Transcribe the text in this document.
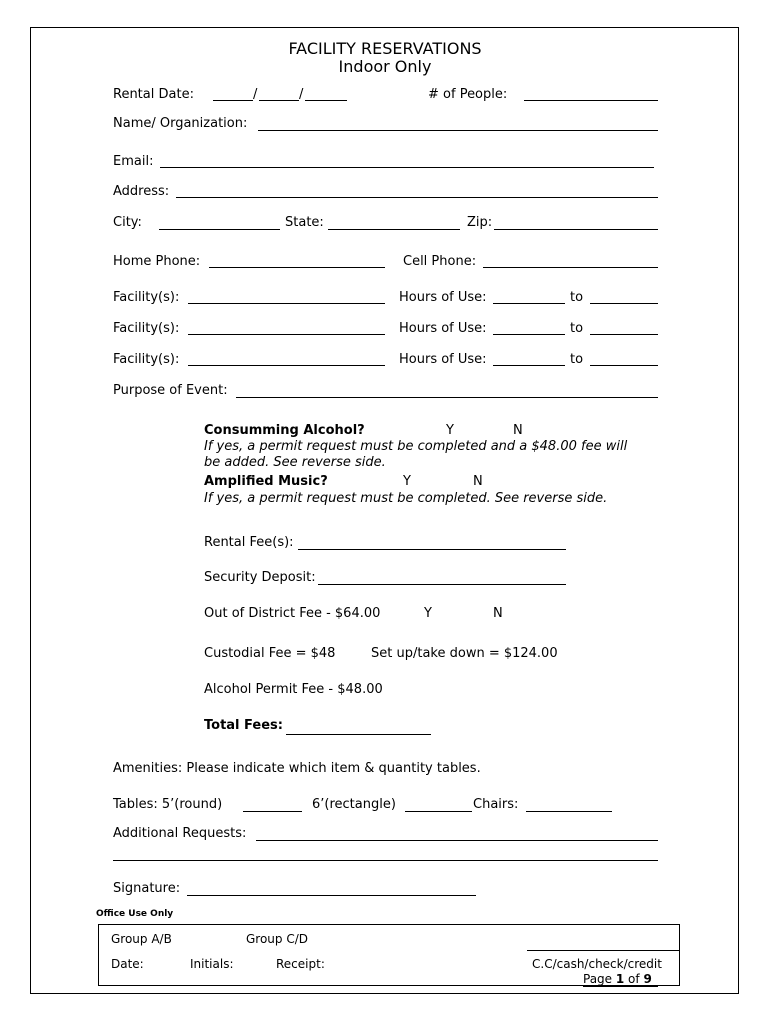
FACILITY RESERVATIONS
Indoor Only
Rental Date:	/	/	# of People:
Name/ Organization:
Email:
Address:
City:	State:	Zip:
Home Phone:	Cell Phone:
Facility(s):	Hours of Use:	to
Facility(s):	Hours of Use:	to
Facility(s):	Hours of Use:	to
Purpose of Event:
Consumming Alcohol?	Y	N
If yes, a permit request must be completed and a $48.00 fee will
be added. See reverse side.
Amplified Music?	Y	N
If yes, a permit request must be completed. See reverse side.
Rental Fee(s):
Security Deposit:
Out of District Fee - $64.00	Y	N
Custodial Fee = $48	Set up/take down = $124.00
Alcohol Permit Fee - $48.00
Total Fees:
Amenities: Please indicate which item & quantity tables.
Tables: 5’(round)	6’(rectangle)	Chairs:
Additional Requests:
Signature:
Office Use Only
Group A/B	Group C/D
Date:	Initials:	Receipt:	C.C/cash/check/credit
Page 1 of 9
